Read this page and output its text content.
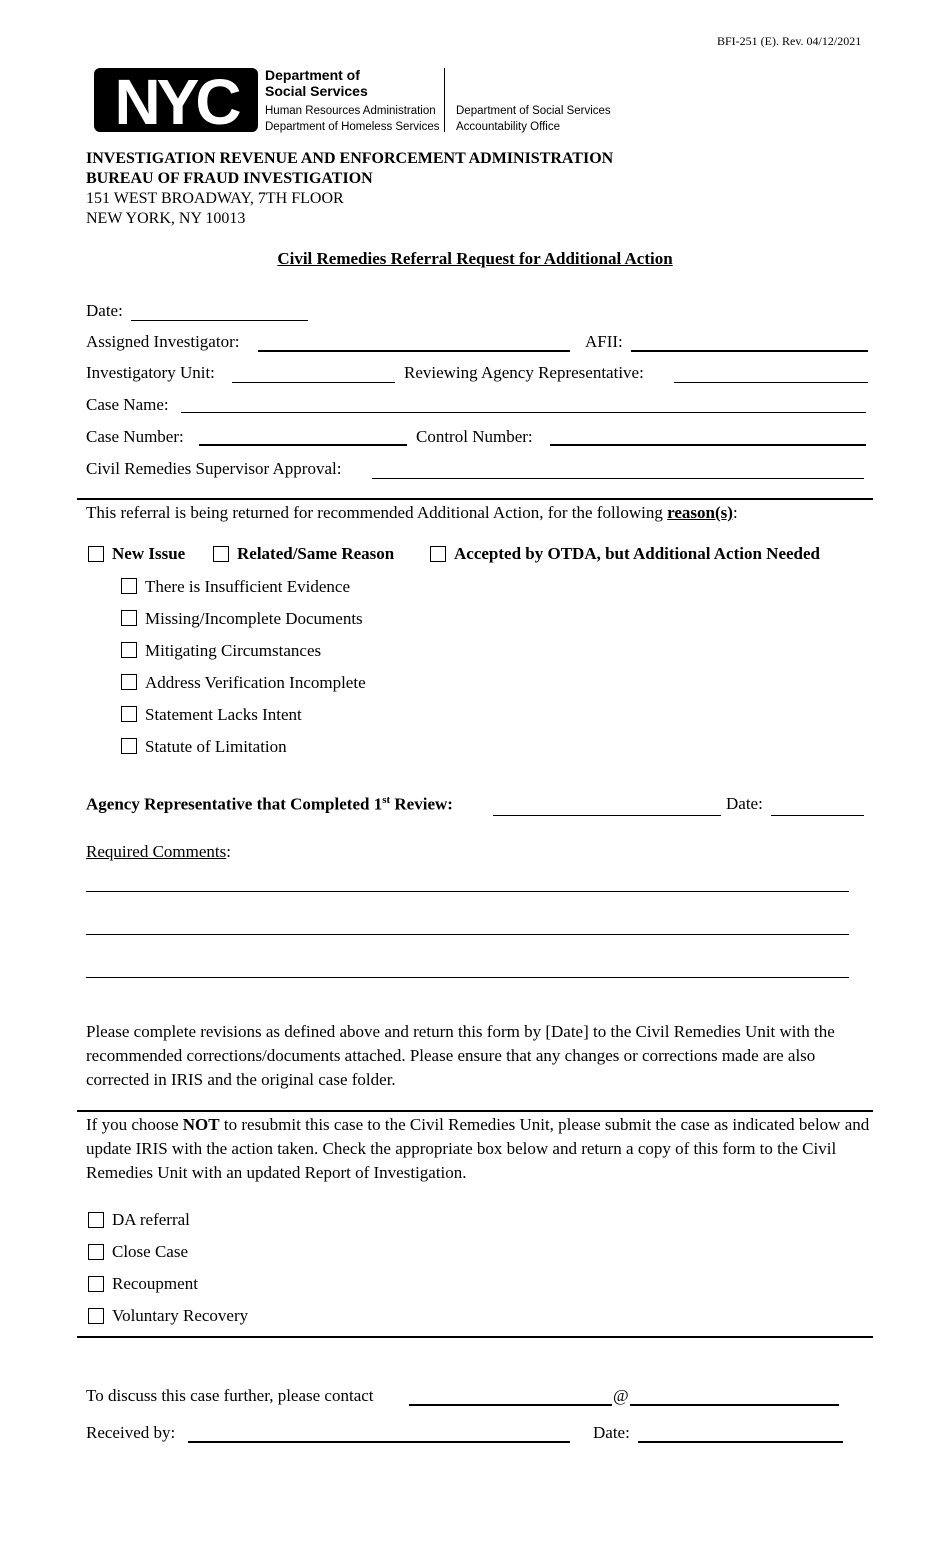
BFI-251 (E). Rev. 04/12/2021
NYC Department of
Social Services
Human Resources Administration
Department of Homeless Services
Department of Social Services
Accountability Office
INVESTIGATION REVENUE AND ENFORCEMENT ADMINISTRATION
BUREAU OF FRAUD INVESTIGATION
151 WEST BROADWAY, 7TH FLOOR
NEW YORK, NY 10013
Civil Remedies Referral Request for Additional Action
Date:
Assigned Investigator:	AFII:
Investigatory Unit:	Reviewing Agency Representative:
Case Name:
Case Number:	Control Number:
Civil Remedies Supervisor Approval:
This referral is being returned for recommended Additional Action, for the following reason(s):
New Issue	Related/Same Reason	Accepted by OTDA, but Additional Action Needed
There is Insufficient Evidence
Missing/Incomplete Documents
Mitigating Circumstances
Address Verification Incomplete
Statement Lacks Intent
Statute of Limitation
Agency Representative that Completed 1st Review:	Date:
Required Comments:
Please complete revisions as defined above and return this form by [Date] to the Civil Remedies Unit with the recommended corrections/documents attached. Please ensure that any changes or corrections made are also corrected in IRIS and the original case folder.
If you choose NOT to resubmit this case to the Civil Remedies Unit, please submit the case as indicated below and update IRIS with the action taken. Check the appropriate box below and return a copy of this form to the Civil Remedies Unit with an updated Report of Investigation.
DA referral
Close Case
Recoupment
Voluntary Recovery
To discuss this case further, please contact	@
Received by:	Date:
